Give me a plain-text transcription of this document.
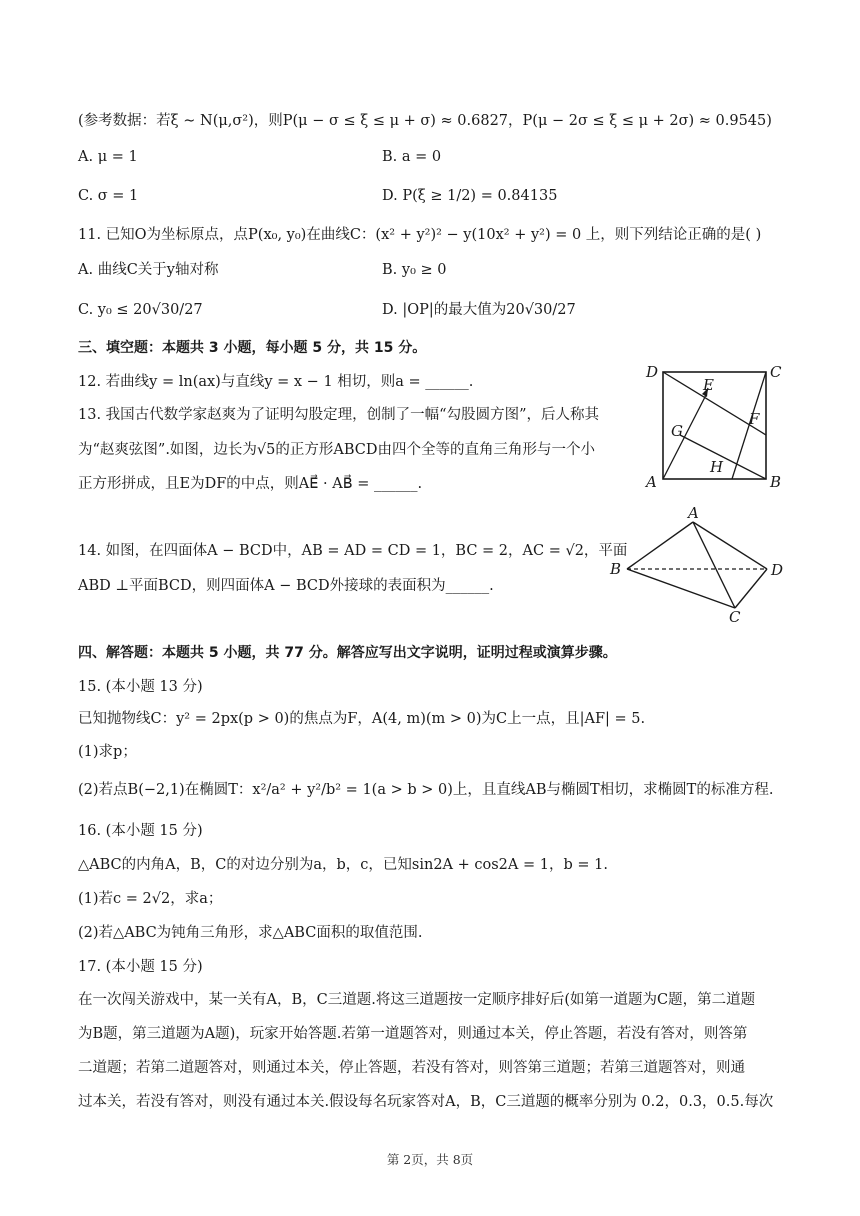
(参考数据：若ξ ∼ N(μ,σ²)，则P(μ − σ ≤ ξ ≤ μ + σ) ≈ 0.6827，P(μ − 2σ ≤ ξ ≤ μ + 2σ) ≈ 0.9545)
A. μ = 1	B. a = 0
C. σ = 1	D. P(ξ ≥ 1/2) = 0.84135
11. 已知O为坐标原点，点P(x₀, y₀)在曲线C：(x² + y²)² − y(10x² + y²) = 0 上，则下列结论正确的是( )
A. 曲线C关于y轴对称	B. y₀ ≥ 0
C. y₀ ≤ 20√30/27	D. |OP|的最大值为20√30/27
三、填空题：本题共 3 小题，每小题 5 分，共 15 分。
12. 若曲线y = ln(ax)与直线y = x − 1 相切，则a = ______.
13. 我国古代数学家赵爽为了证明勾股定理，创制了一幅“勾股圆方图”，后人称其
为“赵爽弦图”.如图，边长为√5的正方形ABCD由四个全等的直角三角形与一个小
正方形拼成，且E为DF的中点，则AE⃗ · AB⃗ = ______.
D	C
A	B
E
F
G
H
14. 如图，在四面体A − BCD中，AB = AD = CD = 1，BC = 2，AC = √2，平面
ABD ⊥平面BCD，则四面体A − BCD外接球的表面积为______.
A
B	D
C
四、解答题：本题共 5 小题，共 77 分。解答应写出文字说明，证明过程或演算步骤。
15. (本小题 13 分)
已知抛物线C：y² = 2px(p > 0)的焦点为F，A(4, m)(m > 0)为C上一点，且|AF| = 5.
(1)求p；
(2)若点B(−2,1)在椭圆T：x²/a² + y²/b² = 1(a > b > 0)上，且直线AB与椭圆T相切，求椭圆T的标准方程.
16. (本小题 15 分)
△ABC的内角A，B，C的对边分别为a，b，c，已知sin2A + cos2A = 1，b = 1.
(1)若c = 2√2，求a；
(2)若△ABC为钝角三角形，求△ABC面积的取值范围.
17. (本小题 15 分)
在一次闯关游戏中，某一关有A，B，C三道题.将这三道题按一定顺序排好后(如第一道题为C题，第二道题
为B题，第三道题为A题)，玩家开始答题.若第一道题答对，则通过本关，停止答题，若没有答对，则答第
二道题；若第二道题答对，则通过本关，停止答题，若没有答对，则答第三道题；若第三道题答对，则通
过本关，若没有答对，则没有通过本关.假设每名玩家答对A，B，C三道题的概率分别为 0.2，0.3，0.5.每次
第 2页，共 8页
